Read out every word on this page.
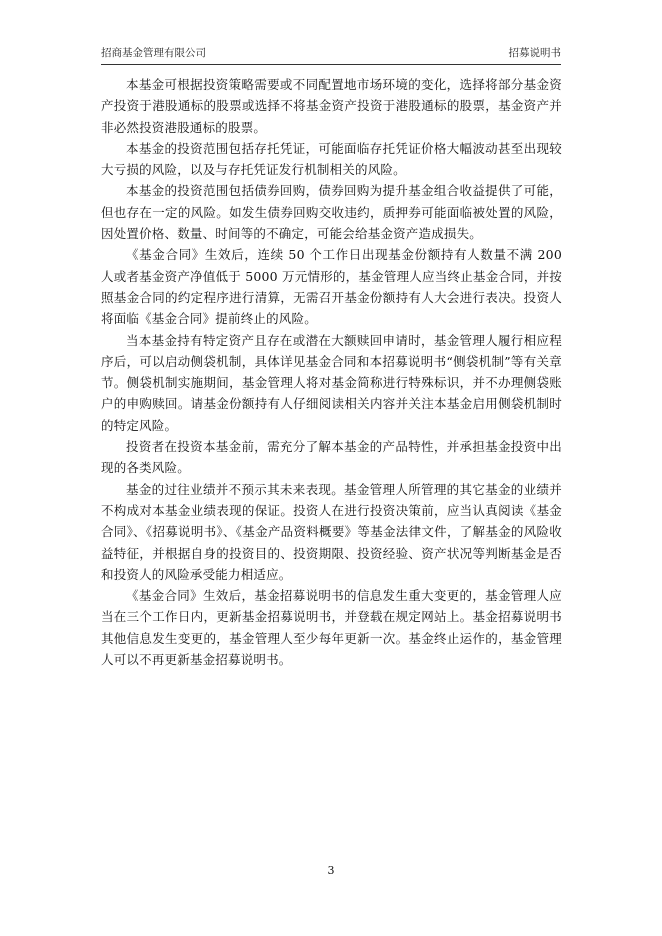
招商基金管理有限公司	招募说明书

本基金可根据投资策略需要或不同配置地市场环境的变化，选择将部分基金资产投资于港股通标的股票或选择不将基金资产投资于港股通标的股票，基金资产并非必然投资港股通标的股票。

本基金的投资范围包括存托凭证，可能面临存托凭证价格大幅波动甚至出现较大亏损的风险，以及与存托凭证发行机制相关的风险。

本基金的投资范围包括债券回购，债券回购为提升基金组合收益提供了可能，但也存在一定的风险。如发生债券回购交收违约，质押券可能面临被处置的风险，因处置价格、数量、时间等的不确定，可能会给基金资产造成损失。

《基金合同》生效后，连续 50 个工作日出现基金份额持有人数量不满 200 人或者基金资产净值低于 5000 万元情形的，基金管理人应当终止基金合同，并按照基金合同的约定程序进行清算，无需召开基金份额持有人大会进行表决。投资人将面临《基金合同》提前终止的风险。

当本基金持有特定资产且存在或潜在大额赎回申请时，基金管理人履行相应程序后，可以启动侧袋机制，具体详见基金合同和本招募说明书“侧袋机制”等有关章节。侧袋机制实施期间，基金管理人将对基金简称进行特殊标识，并不办理侧袋账户的申购赎回。请基金份额持有人仔细阅读相关内容并关注本基金启用侧袋机制时的特定风险。

投资者在投资本基金前，需充分了解本基金的产品特性，并承担基金投资中出现的各类风险。

基金的过往业绩并不预示其未来表现。基金管理人所管理的其它基金的业绩并不构成对本基金业绩表现的保证。投资人在进行投资决策前，应当认真阅读《基金合同》、《招募说明书》、《基金产品资料概要》等基金法律文件，了解基金的风险收益特征，并根据自身的投资目的、投资期限、投资经验、资产状况等判断基金是否和投资人的风险承受能力相适应。

《基金合同》生效后，基金招募说明书的信息发生重大变更的，基金管理人应当在三个工作日内，更新基金招募说明书，并登载在规定网站上。基金招募说明书其他信息发生变更的，基金管理人至少每年更新一次。基金终止运作的，基金管理人可以不再更新基金招募说明书。

3
